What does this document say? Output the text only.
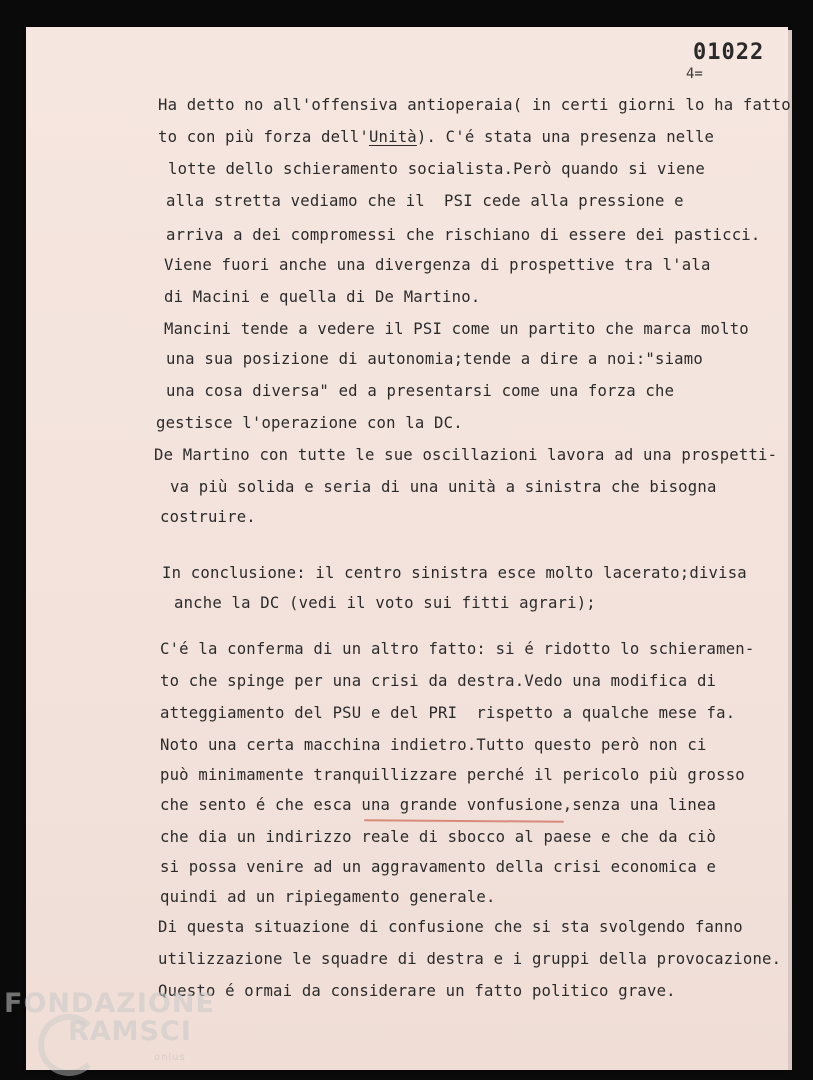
01022
4=
Ha detto no all'offensiva antioperaia( in certi giorni lo ha fatto
to con più forza dell'Unità). C'é stata una presenza nelle
lotte dello schieramento socialista.Però quando si viene
alla stretta vediamo che il  PSI cede alla pressione e
arriva a dei compromessi che rischiano di essere dei pasticci.
Viene fuori anche una divergenza di prospettive tra l'ala
di Macini e quella di De Martino.
Mancini tende a vedere il PSI come un partito che marca molto
una sua posizione di autonomia;tende a dire a noi:"siamo
una cosa diversa" ed a presentarsi come una forza che
gestisce l'operazione con la DC.
De Martino con tutte le sue oscillazioni lavora ad una prospetti-
va più solida e seria di una unità a sinistra che bisogna
costruire.
In conclusione: il centro sinistra esce molto lacerato;divisa
anche la DC (vedi il voto sui fitti agrari);
C'é la conferma di un altro fatto: si é ridotto lo schieramen-
to che spinge per una crisi da destra.Vedo una modifica di
atteggiamento del PSU e del PRI  rispetto a qualche mese fa.
Noto una certa macchina indietro.Tutto questo però non ci
può minimamente tranquillizzare perché il pericolo più grosso
che sento é che esca una grande vonfusione,senza una linea
che dia un indirizzo reale di sbocco al paese e che da ciò
si possa venire ad un aggravamento della crisi economica e
quindi ad un ripiegamento generale.
Di questa situazione di confusione che si sta svolgendo fanno
utilizzazione le squadre di destra e i gruppi della provocazione.
Questo é ormai da considerare un fatto politico grave.
FONDAZIONE
RAMSCI
onlus
